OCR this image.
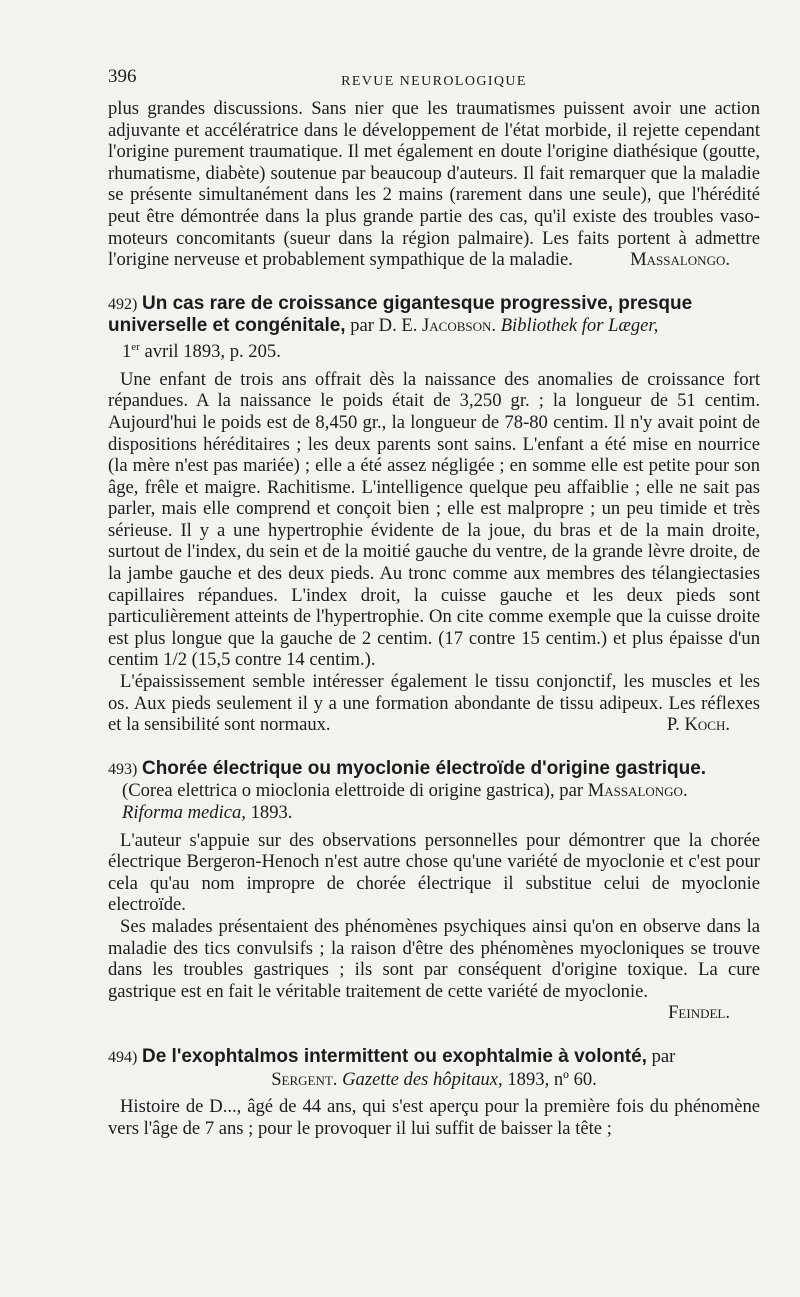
396	REVUE NEUROLOGIQUE

plus grandes discussions. Sans nier que les traumatismes puissent avoir une action adjuvante et accélératrice dans le développement de l'état morbide, il rejette cependant l'origine purement traumatique. Il met également en doute l'origine diathésique (goutte, rhumatisme, diabète) soutenue par beaucoup d'auteurs. Il fait remarquer que la maladie se présente simultanément dans les 2 mains (rarement dans une seule), que l'hérédité peut être démontrée dans la plus grande partie des cas, qu'il existe des troubles vaso-moteurs concomitants (sueur dans la région palmaire). Les faits portent à admettre l'origine nerveuse et probablement sympathique de la maladie.	Massalongo.

492) Un cas rare de croissance gigantesque progressive, presque universelle et congénitale, par D. E. Jacobson. Bibliothek for Læger,
1er avril 1893, p. 205.

Une enfant de trois ans offrait dès la naissance des anomalies de croissance fort répandues. A la naissance le poids était de 3,250 gr. ; la longueur de 51 centim. Aujourd'hui le poids est de 8,450 gr., la longueur de 78-80 centim. Il n'y avait point de dispositions héréditaires ; les deux parents sont sains. L'enfant a été mise en nourrice (la mère n'est pas mariée) ; elle a été assez négligée ; en somme elle est petite pour son âge, frêle et maigre. Rachitisme. L'intelligence quelque peu affaiblie ; elle ne sait pas parler, mais elle comprend et conçoit bien ; elle est malpropre ; un peu timide et très sérieuse. Il y a une hypertrophie évidente de la joue, du bras et de la main droite, surtout de l'index, du sein et de la moitié gauche du ventre, de la grande lèvre droite, de la jambe gauche et des deux pieds. Au tronc comme aux membres des télangiectasies capillaires répandues. L'index droit, la cuisse gauche et les deux pieds sont particulièrement atteints de l'hypertrophie. On cite comme exemple que la cuisse droite est plus longue que la gauche de 2 centim. (17 contre 15 centim.) et plus épaisse d'un centim 1/2 (15,5 contre 14 centim.).

L'épaississement semble intéresser également le tissu conjonctif, les muscles et les os. Aux pieds seulement il y a une formation abondante de tissu adipeux. Les réflexes et la sensibilité sont normaux.	P. Koch.

493) Chorée électrique ou myoclonie électroïde d'origine gastrique.
(Corea elettrica o mioclonia elettroide di origine gastrica), par Massalongo.
Riforma medica, 1893.

L'auteur s'appuie sur des observations personnelles pour démontrer que la chorée électrique Bergeron-Henoch n'est autre chose qu'une variété de myoclonie et c'est pour cela qu'au nom impropre de chorée électrique il substitue celui de myoclonie electroïde.

Ses malades présentaient des phénomènes psychiques ainsi qu'on en observe dans la maladie des tics convulsifs ; la raison d'être des phénomènes myocloniques se trouve dans les troubles gastriques ; ils sont par conséquent d'origine toxique. La cure gastrique est en fait le véritable traitement de cette variété de myoclonie.

Feindel.

494) De l'exophtalmos intermittent ou exophtalmie à volonté, par
Sergent. Gazette des hôpitaux, 1893, nº 60.

Histoire de D..., âgé de 44 ans, qui s'est aperçu pour la première fois du phénomène vers l'âge de 7 ans ; pour le provoquer il lui suffit de baisser la tête ;
